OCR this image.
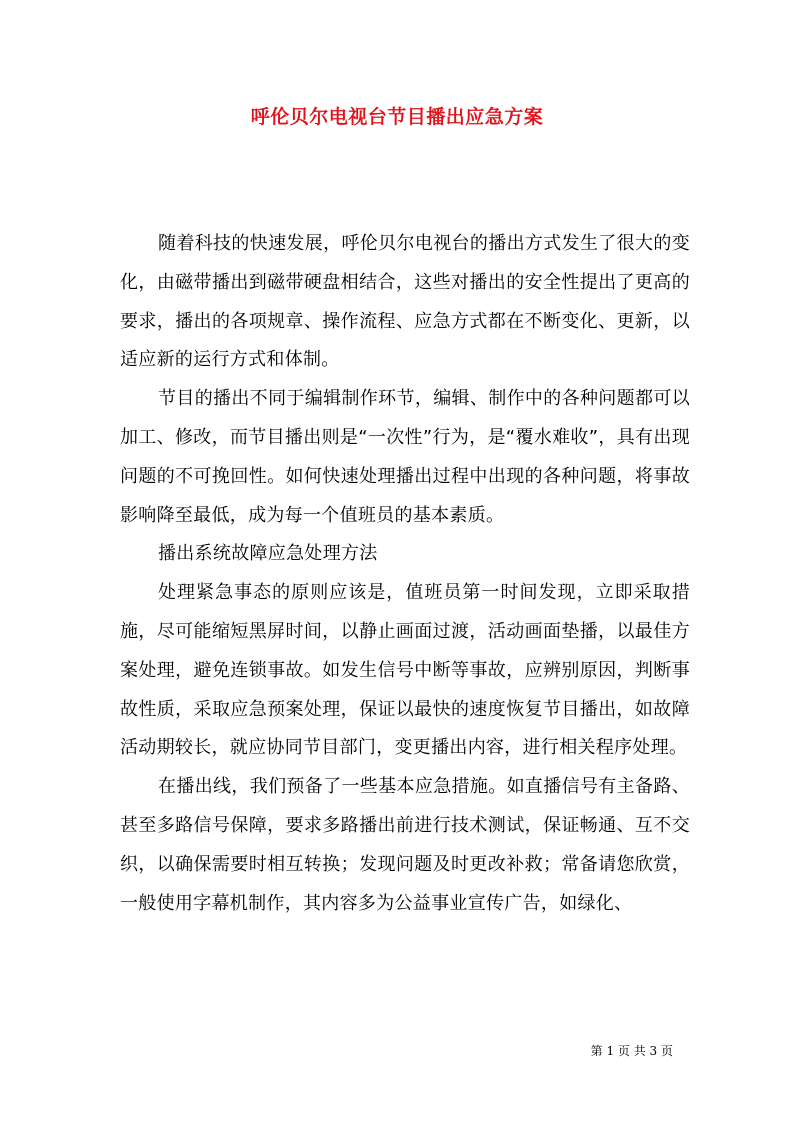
呼伦贝尔电视台节目播出应急方案

随着科技的快速发展，呼伦贝尔电视台的播出方式发生了很大的变化，由磁带播出到磁带硬盘相结合，这些对播出的安全性提出了更高的要求，播出的各项规章、操作流程、应急方式都在不断变化、更新，以适应新的运行方式和体制。

节目的播出不同于编辑制作环节，编辑、制作中的各种问题都可以加工、修改，而节目播出则是“一次性”行为，是“覆水难收”，具有出现问题的不可挽回性。如何快速处理播出过程中出现的各种问题，将事故影响降至最低，成为每一个值班员的基本素质。

播出系统故障应急处理方法

处理紧急事态的原则应该是，值班员第一时间发现，立即采取措施，尽可能缩短黑屏时间，以静止画面过渡，活动画面垫播，以最佳方案处理，避免连锁事故。如发生信号中断等事故，应辨别原因，判断事故性质，采取应急预案处理，保证以最快的速度恢复节目播出，如故障活动期较长，就应协同节目部门，变更播出内容，进行相关程序处理。

在播出线，我们预备了一些基本应急措施。如直播信号有主备路、甚至多路信号保障，要求多路播出前进行技术测试，保证畅通、互不交织，以确保需要时相互转换；发现问题及时更改补救；常备请您欣赏，一般使用字幕机制作，其内容多为公益事业宣传广告，如绿化、

第 1 页 共 3 页
